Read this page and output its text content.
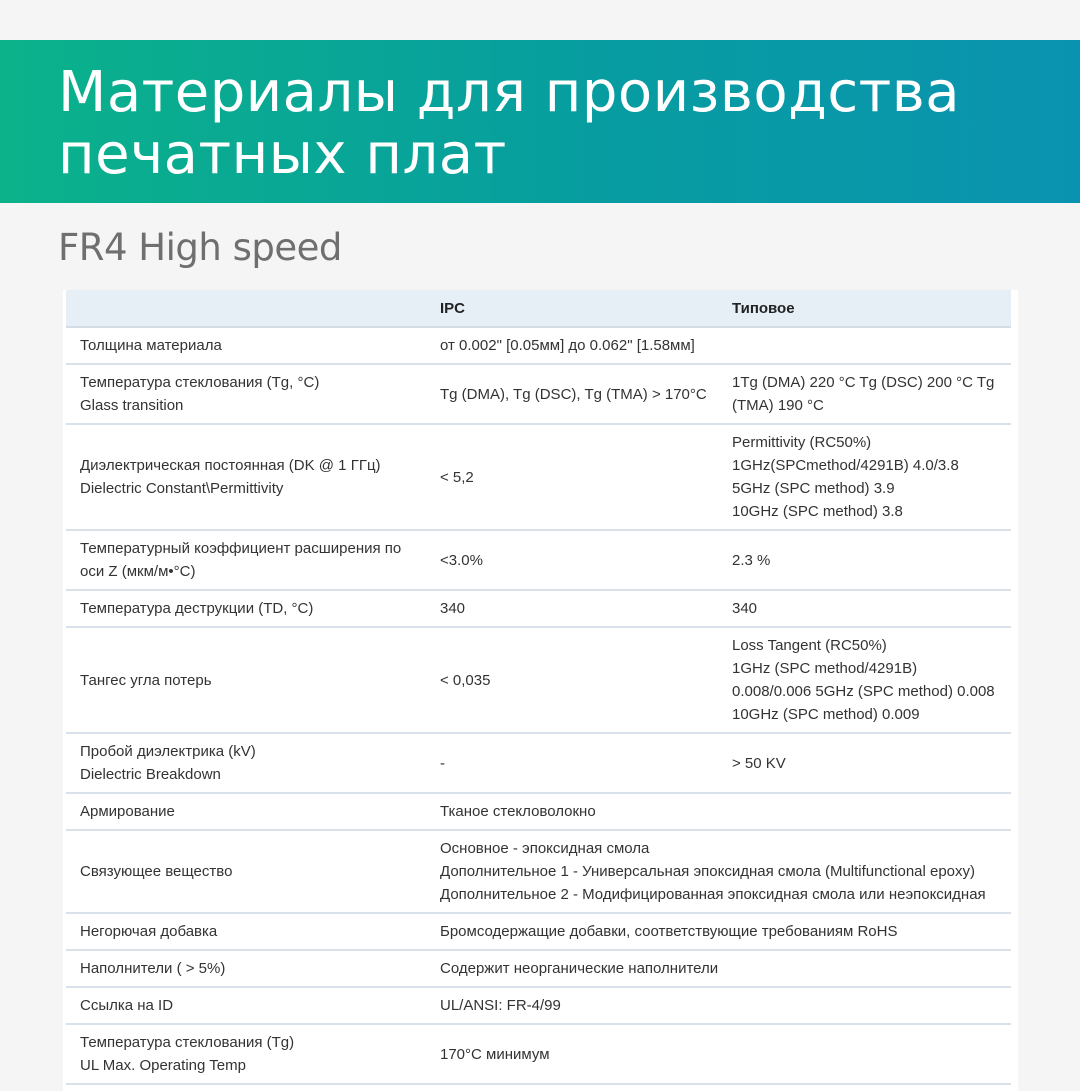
Материалы для производства
печатных плат
FR4 High speed
	IPC	Типовое

Толщина материала	от 0.002" [0.05мм] до 0.062" [1.58мм]	

Температура стеклования (Tg, °C)
Glass transition	Tg (DMA), Tg (DSC), Tg (TMA) > 170°C	1Tg (DMA) 220 °C Tg (DSC) 200 °C Tg (TMA) 190 °C

Диэлектрическая постоянная (DK @ 1 ГГц)
Dielectric Constant\Permittivity	< 5,2	Permittivity (RC50%)
1GHz(SPCmethod/4291B) 4.0/3.8
5GHz (SPC method) 3.9
10GHz (SPC method) 3.8

Температурный коэффициент расширения по оси Z (мкм/м•°C)	<3.0%	2.3 %

Температура деструкции (TD, °C)	340	340

Тангес угла потерь	< 0,035	Loss Tangent (RC50%)
1GHz (SPC method/4291B)
0.008/0.006 5GHz (SPC method) 0.008
10GHz (SPC method) 0.009

Пробой диэлектрика (kV)
Dielectric Breakdown	-	> 50 KV

Армирование	Тканое стекловолокно	

Связующее вещество	Основное - эпоксидная смола
Дополнительное 1 - Универсальная эпоксидная смола (Multifunctional epoxy)
Дополнительное 2 - Модифицированная эпоксидная смола или неэпоксидная	

Негорючая добавка	Бромсодержащие добавки, соответствующие требованиям RoHS	

Наполнители ( > 5%)	Содержит неорганические наполнители	

Ссылка на ID	UL/ANSI: FR-4/99	

Температура стеклования (Tg)
UL Max. Operating Temp	170°C минимум	
